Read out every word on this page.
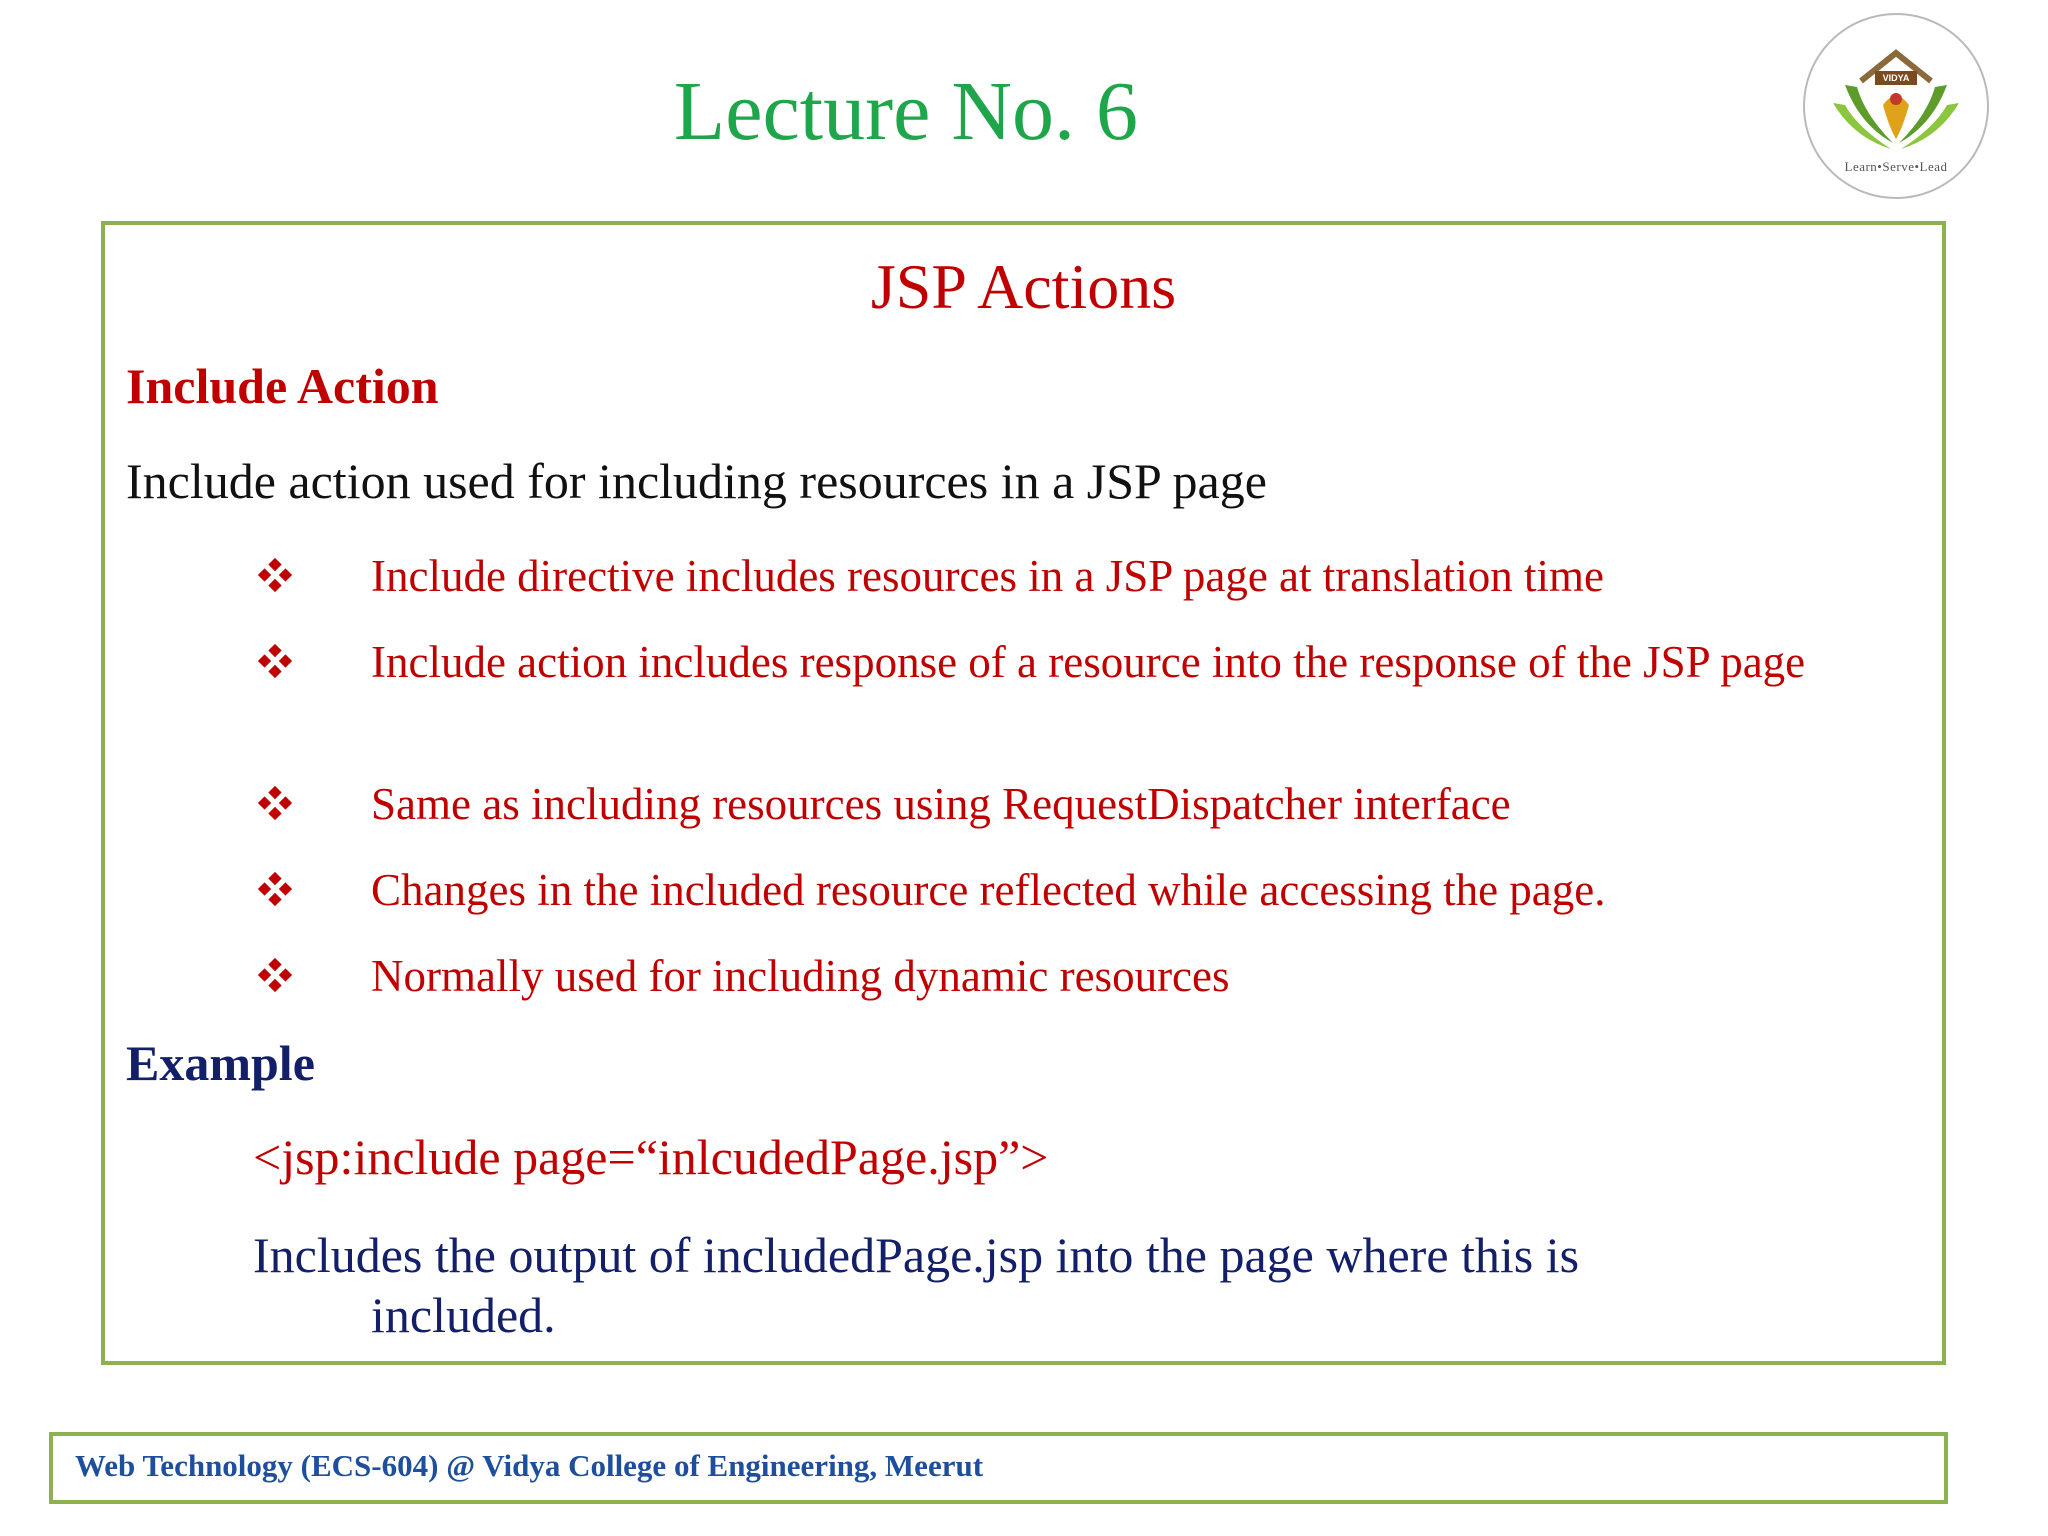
Lecture No. 6	VIDYA
Learn•Serve•Lead
JSP Actions
Include Action
Include action used for including resources in a JSP page
Include directive includes resources in a JSP page at translation time
Include action includes response of a resource into the response of the JSP page
Same as including resources using RequestDispatcher interface
Changes in the included resource reflected while accessing the page.
Normally used for including dynamic resources
Example
<jsp:include page=“inlcudedPage.jsp”>
Includes the output of includedPage.jsp into the page where this is
included.
Web Technology (ECS-604) @ Vidya College of Engineering, Meerut
